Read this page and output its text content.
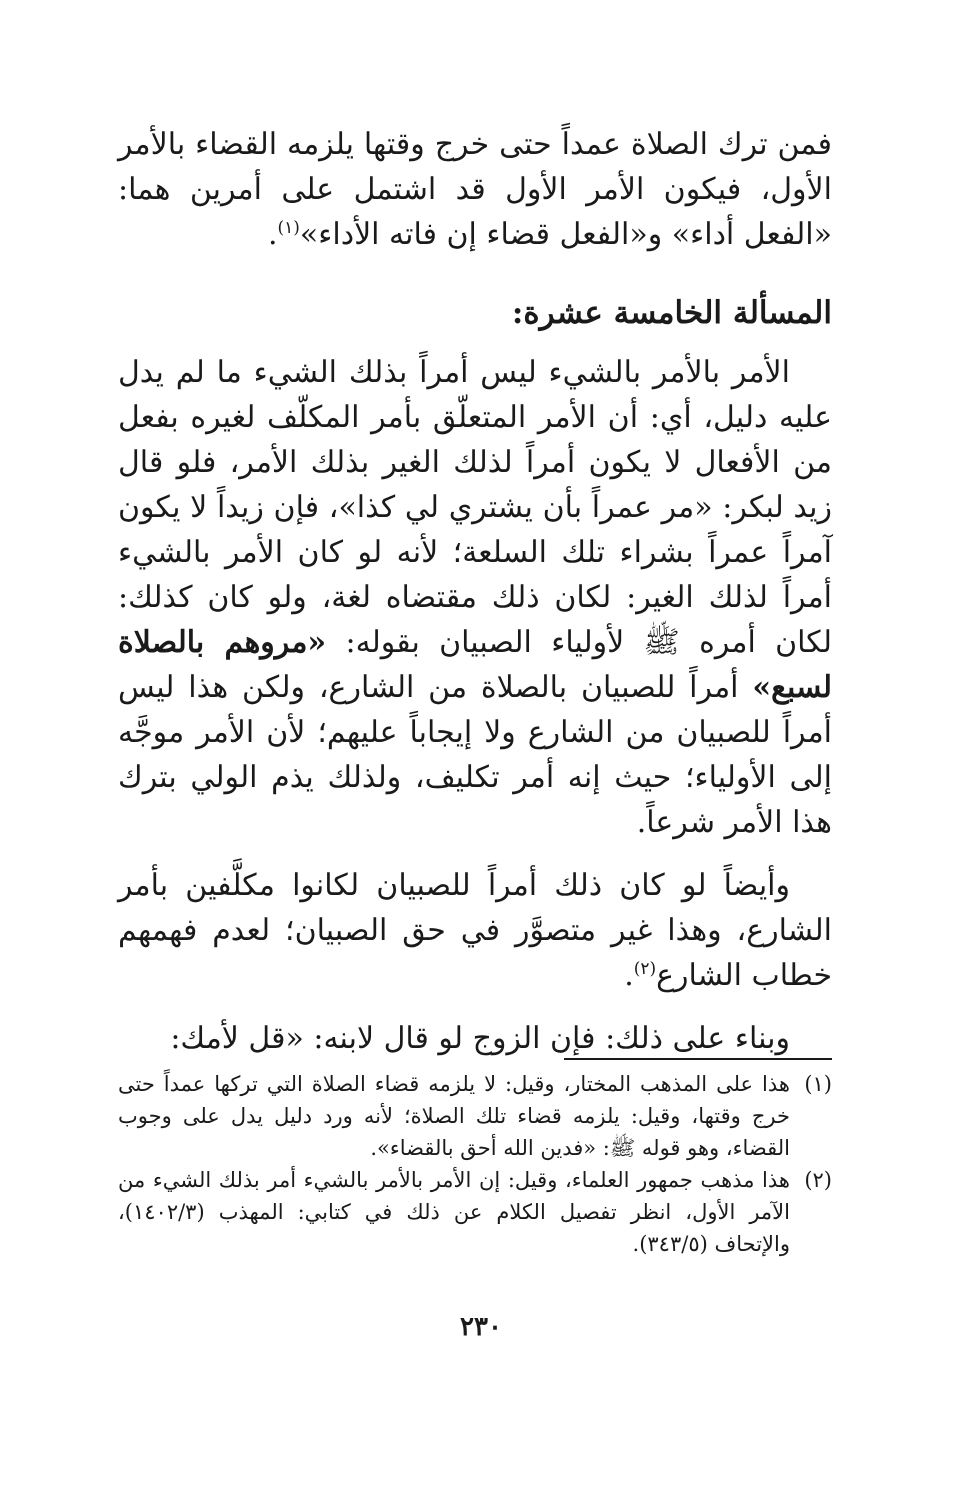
فمن ترك الصلاة عمداً حتى خرج وقتها يلزمه القضاء بالأمر الأول، فيكون الأمر الأول قد اشتمل على أمرين هما: «الفعل أداء» و«الفعل قضاء إن فاته الأداء»$^{(١)}$.

المسألة الخامسة عشرة:

الأمر بالأمر بالشيء ليس أمراً بذلك الشيء ما لم يدل عليه دليل، أي: أن الأمر المتعلّق بأمر المكلّف لغيره بفعل من الأفعال لا يكون أمراً لذلك الغير بذلك الأمر، فلو قال زيد لبكر: «مر عمراً بأن يشتري لي كذا»، فإن زيداً لا يكون آمراً عمراً بشراء تلك السلعة؛ لأنه لو كان الأمر بالشيء أمراً لذلك الغير: لكان ذلك مقتضاه لغة، ولو كان كذلك: لكان أمره ﷺ لأولياء الصبيان بقوله: «مروهم بالصلاة لسبع» أمراً للصبيان بالصلاة من الشارع، ولكن هذا ليس أمراً للصبيان من الشارع ولا إيجاباً عليهم؛ لأن الأمر موجَّه إلى الأولياء؛ حيث إنه أمر تكليف، ولذلك يذم الولي بترك هذا الأمر شرعاً.

وأيضاً لو كان ذلك أمراً للصبيان لكانوا مكلَّفين بأمر الشارع، وهذا غير متصوَّر في حق الصبيان؛ لعدم فهمهم خطاب الشارع$^{(٢)}$.

وبناء على ذلك: فإن الزوج لو قال لابنه: «قل لأمك:

(١)
هذا على المذهب المختار، وقيل: لا يلزمه قضاء الصلاة التي تركها عمداً حتى خرج وقتها، وقيل: يلزمه قضاء تلك الصلاة؛ لأنه ورد دليل يدل على وجوب القضاء، وهو قوله ﷺ: «فدين الله أحق بالقضاء».
(٢)
هذا مذهب جمهور العلماء، وقيل: إن الأمر بالأمر بالشيء أمر بذلك الشيء من الآمر الأول، انظر تفصيل الكلام عن ذلك في كتابي: المهذب (١٤٠٢/٣)، والإتحاف (٣٤٣/٥).
٢٣٠
